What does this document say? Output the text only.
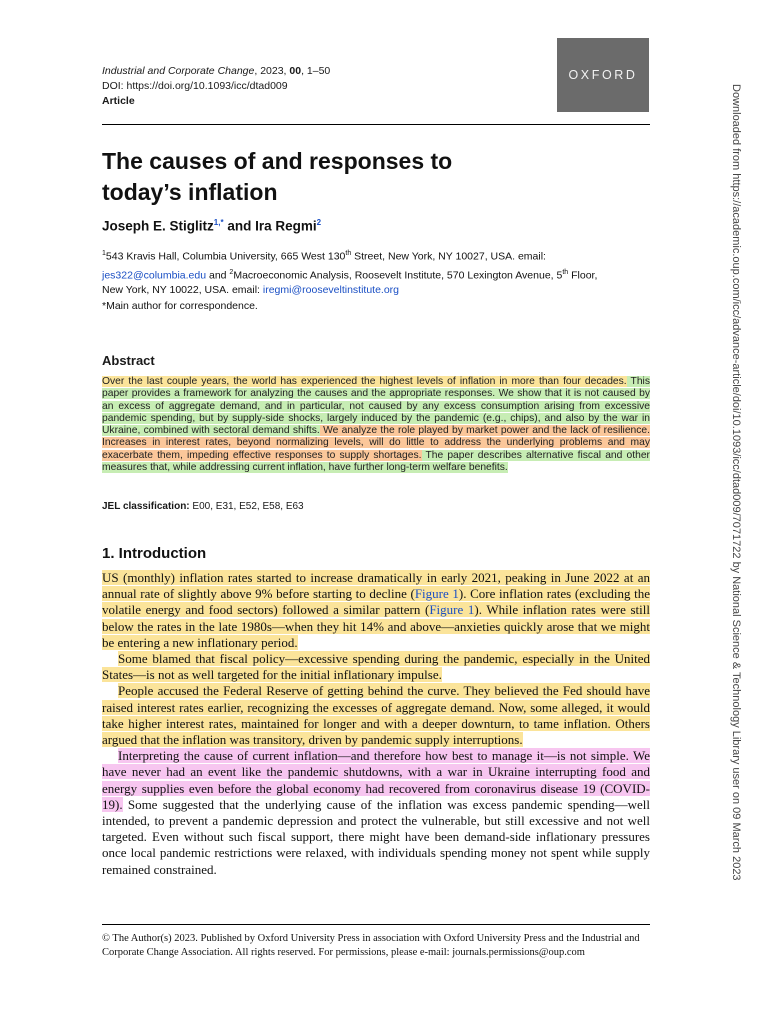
Industrial and Corporate Change, 2023, 00, 1–50
DOI: https://doi.org/10.1093/icc/dtad009
Article
OXFORD
The causes of and responses to
today’s inflation
Joseph E. Stiglitz$^{1,*}$ and Ira Regmi$^2$
$^1$543 Kravis Hall, Columbia University, 665 West 130th Street, New York, NY 10027, USA. email:
jes322@columbia.edu and $^2$Macroeconomic Analysis, Roosevelt Institute, 570 Lexington Avenue, 5th Floor,
New York, NY 10022, USA. email: iregmi@rooseveltinstitute.org
*Main author for correspondence.
Abstract
Over the last couple years, the world has experienced the highest levels of inflation in more than four decades. This paper provides a framework for analyzing the causes and the appropriate responses. We show that it is not caused by an excess of aggregate demand, and in particular, not caused by any excess consumption arising from excessive pandemic spending, but by supply-side shocks, largely induced by the pandemic (e.g., chips), and also by the war in Ukraine, combined with sectoral demand shifts. We analyze the role played by market power and the lack of resilience. Increases in interest rates, beyond normalizing levels, will do little to address the underlying problems and may exacerbate them, impeding effective responses to supply shortages. The paper describes alternative fiscal and other measures that, while addressing current inflation, have further long-term welfare benefits.
JEL classification: E00, E31, E52, E58, E63
1. Introduction

US (monthly) inflation rates started to increase dramatically in early 2021, peaking in June 2022 at an annual rate of slightly above 9% before starting to decline (Figure 1). Core inflation rates (excluding the volatile energy and food sectors) followed a similar pattern (Figure 1). While inflation rates were still below the rates in the late 1980s—when they hit 14% and above—anxieties quickly arose that we might be entering a new inflationary period.

Some blamed that fiscal policy—excessive spending during the pandemic, especially in the United States—is not as well targeted for the initial inflationary impulse.

People accused the Federal Reserve of getting behind the curve. They believed the Fed should have raised interest rates earlier, recognizing the excesses of aggregate demand. Now, some alleged, it would take higher interest rates, maintained for longer and with a deeper downturn, to tame inflation. Others argued that the inflation was transitory, driven by pandemic supply interruptions.

Interpreting the cause of current inflation—and therefore how best to manage it—is not simple. We have never had an event like the pandemic shutdowns, with a war in Ukraine interrupting food and energy supplies even before the global economy had recovered from coronavirus disease 19 (COVID-19). Some suggested that the underlying cause of the inflation was excess pandemic spending—well intended, to prevent a pandemic depression and protect the vulnerable, but still excessive and not well targeted. Even without such fiscal support, there might have been demand-side inflationary pressures once local pandemic restrictions were relaxed, with individuals spending money not spent while supply remained constrained.

© The Author(s) 2023. Published by Oxford University Press in association with Oxford University Press and the Industrial and Corporate Change Association. All rights reserved. For permissions, please e-mail: journals.permissions@oup.com
Downloaded from https://academic.oup.com/icc/advance-article/doi/10.1093/icc/dtad009/7071722 by National Science & Technology Library user on 09 March 2023
